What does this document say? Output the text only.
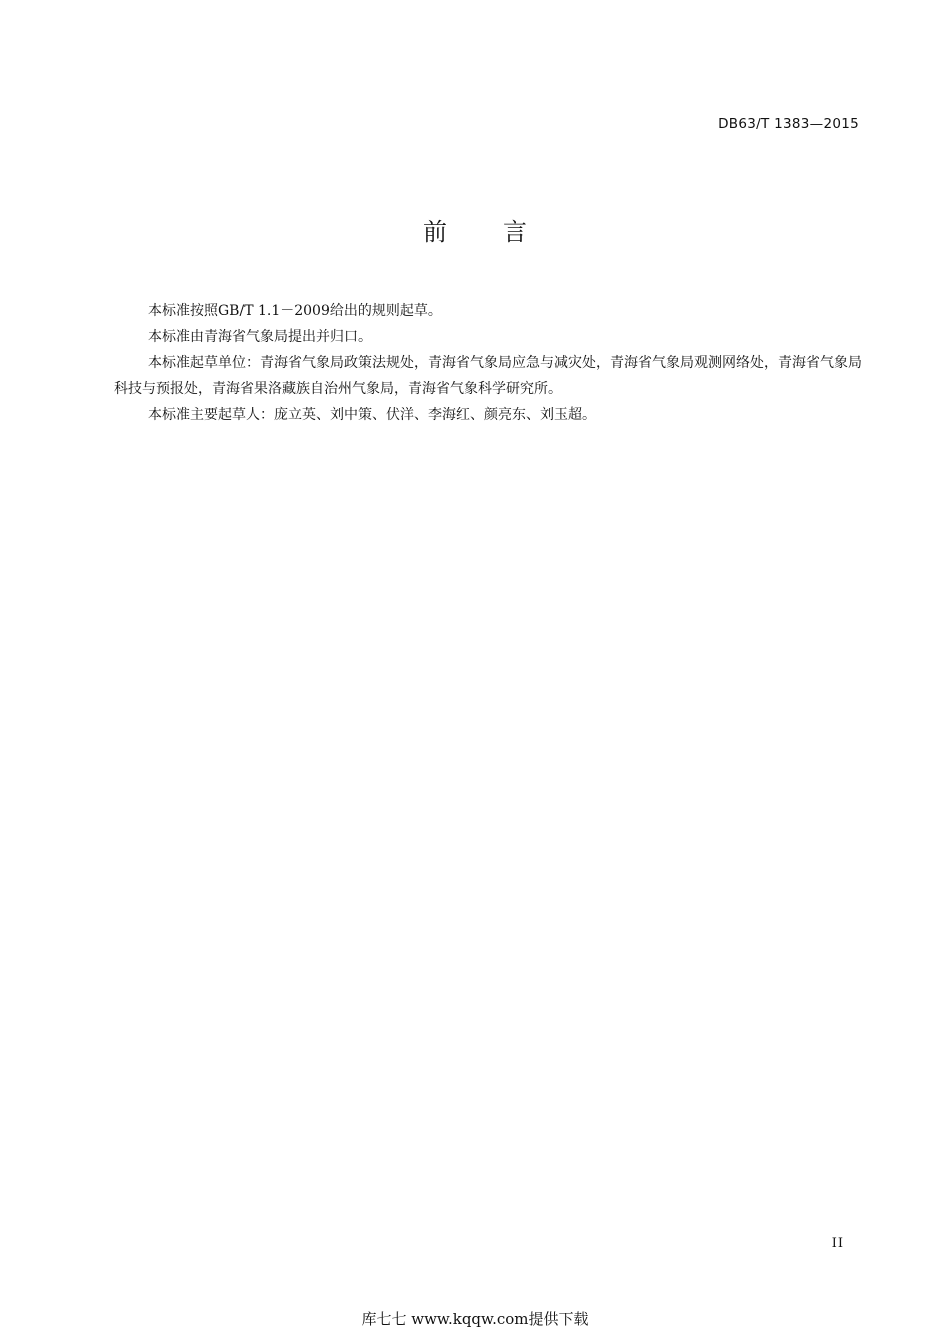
DB63/T 1383—2015
前言

本标准按照GB/T 1.1－2009给出的规则起草。

本标准由青海省气象局提出并归口。

本标准起草单位：青海省气象局政策法规处，青海省气象局应急与减灾处，青海省气象局观测网络处，青海省气象局科技与预报处，青海省果洛藏族自治州气象局，青海省气象科学研究所。

本标准主要起草人：庞立英、刘中策、伏洋、李海红、颜亮东、刘玉超。

II
库七七 www.kqqw.com提供下载
